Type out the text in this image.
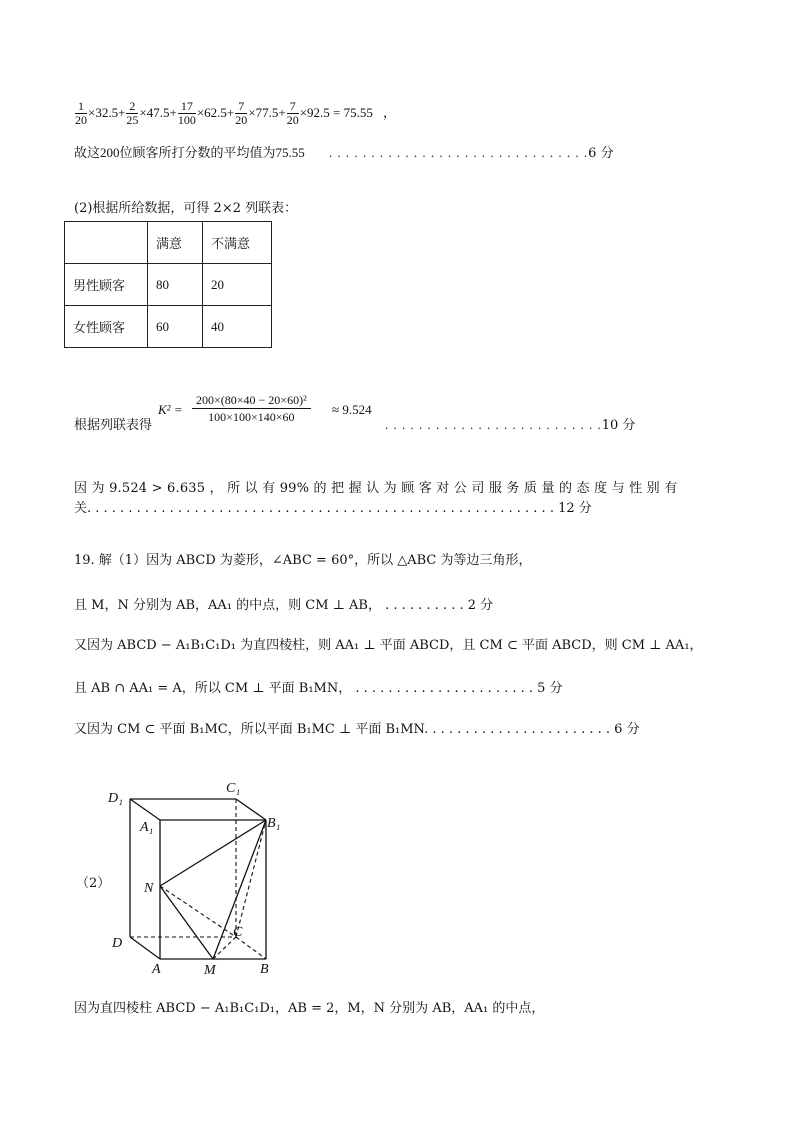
$\frac{1}{20} \times 32.5+ \frac{2}{25} \times 47.5+ \frac{17}{100} \times 62.5+ \frac{7}{20} \times 77.5+ \frac{7}{20} \times 92.5 = 75.55$ ，
故这200位顾客所打分数的平均值为75.55 . . . . . . . . . . . . . . . . . . . . . . . . . . . . . . .6 分
(2)根据所给数据，可得 2×2 列联表：
	满意	不满意
男性顾客	80	20
女性顾客	60	40
根据列联表得
$K^2 = \frac{\text{200×(80×40 − 20×60)²}}{100\times 100\times 140\times 60} \approx 9.524$
. . . . . . . . . . . . . . . . . . . . . . . . . .10 分
因 为 9.524 > 6.635 ， 所 以 有 99% 的 把 握 认 为 顾 客 对 公 司 服 务 质 量 的 态 度 与 性 别 有
关. . . . . . . . . . . . . . . . . . . . . . . . . . . . . . . . . . . . . . . . . . . . . . . . . . . . . . . . . 12 分
19. 解（1）因为 ABCD 为菱形，∠ABC = 60°，所以 △ABC 为等边三角形，
且 M，N 分别为 AB，AA₁ 的中点，则 CM ⊥ AB， . . . . . . . . . . 2 分
又因为 ABCD − A₁B₁C₁D₁ 为直四棱柱，则 AA₁ ⊥ 平面 ABCD，且 CM ⊂ 平面 ABCD，则 CM ⊥ AA₁，
且 AB ∩ AA₁ = A，所以 CM ⊥ 平面 B₁MN， . . . . . . . . . . . . . . . . . . . . . . 5 分
又因为 CM ⊂ 平面 B₁MC，所以平面 B₁MC ⊥ 平面 B₁MN. . . . . . . . . . . . . . . . . . . . . . . 6 分
（2）
D₁
C₁
A₁	B₁
N
C
D
A	M	B
因为直四棱柱 ABCD − A₁B₁C₁D₁，AB = 2，M，N 分别为 AB，AA₁ 的中点，
